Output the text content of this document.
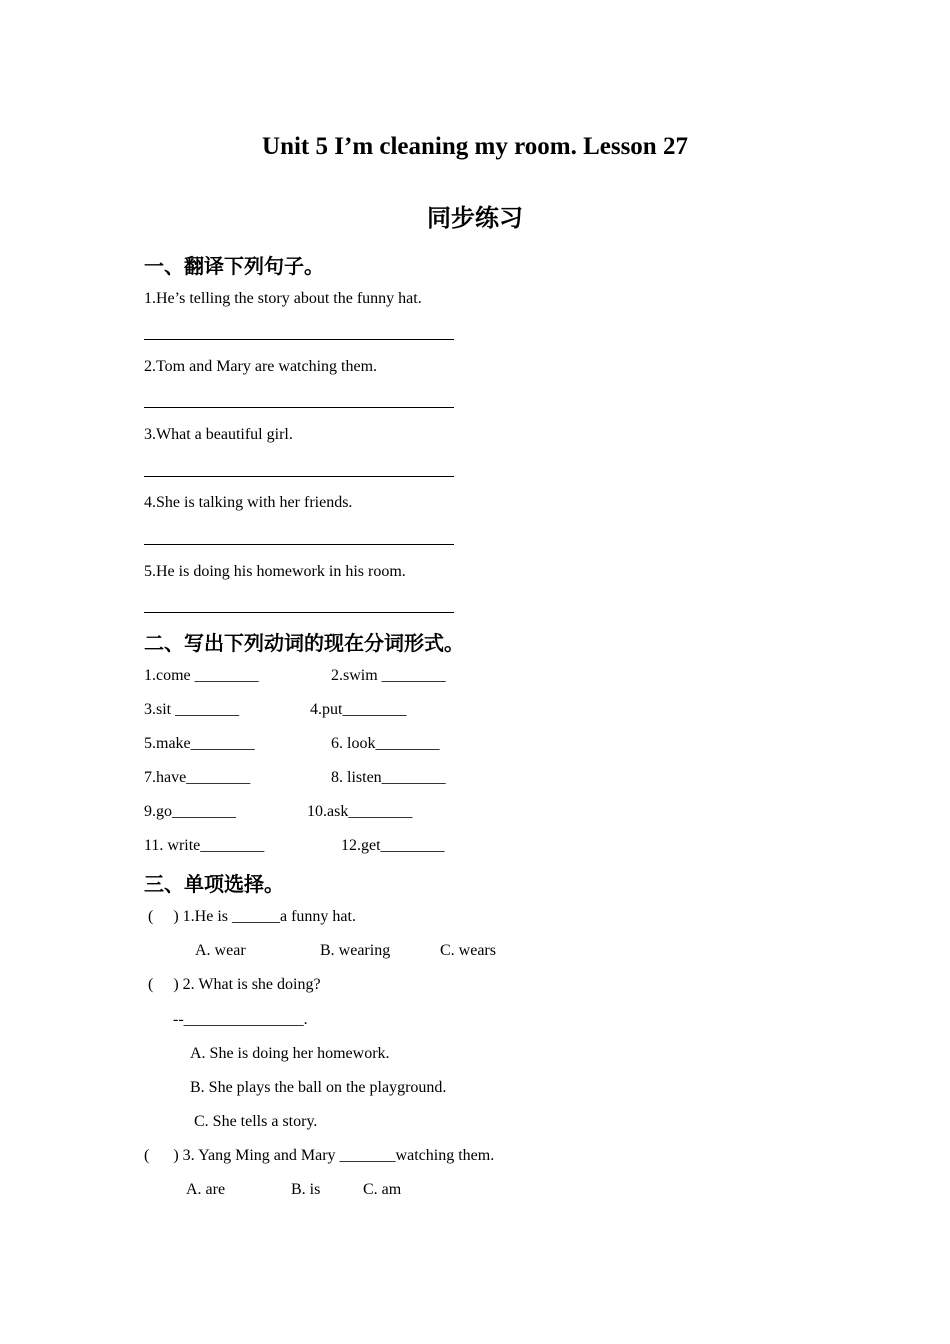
Unit 5 I’m cleaning my room. Lesson 27
同步练习
一、翻译下列句子。
1.He’s telling the story about the funny hat.
2.Tom and Mary are watching them.
3.What a beautiful girl.
4.She is talking with her friends.
5.He is doing his homework in his room.
二、写出下列动词的现在分词形式。
1.come ________	2.swim ________
3.sit ________	4.put________
5.make________	6. look________
7.have________	8. listen________
9.go________	10.ask________
11. write________	12.get________
三、单项选择。
(     ) 1.He is ______a funny hat.
A. wear	B. wearing	C. wears
(     ) 2. What is she doing?
--_______________.
A. She is doing her homework.
B. She plays the ball on the playground.
C. She tells a story.
(      ) 3. Yang Ming and Mary _______watching them.
A. are	B. is	C. am
